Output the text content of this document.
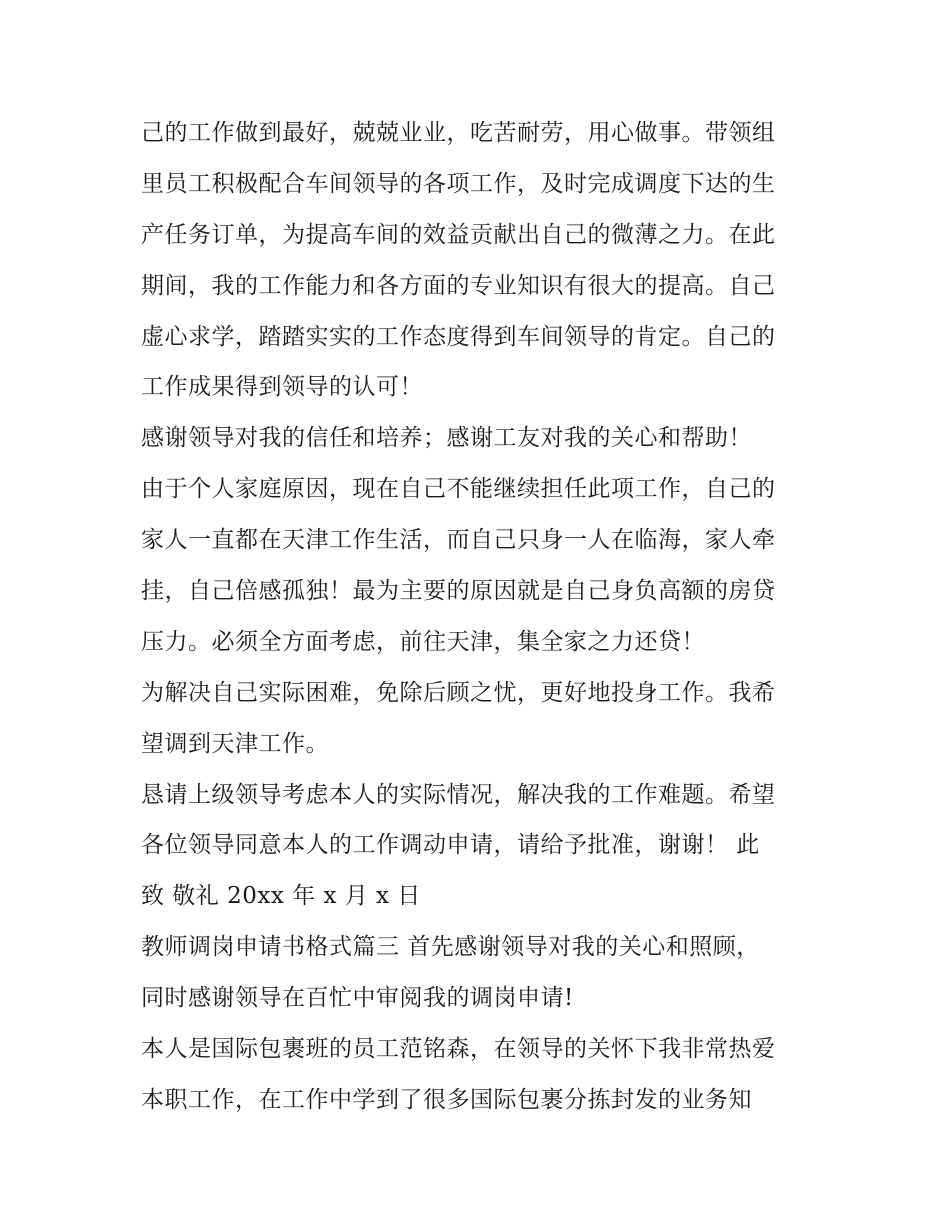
己的工作做到最好，兢兢业业，吃苦耐劳，用心做事。带领组
里员工积极配合车间领导的各项工作，及时完成调度下达的生
产任务订单，为提高车间的效益贡献出自己的微薄之力。在此
期间，我的工作能力和各方面的专业知识有很大的提高。自己
虚心求学，踏踏实实的工作态度得到车间领导的肯定。自己的
工作成果得到领导的认可！
感谢领导对我的信任和培养；感谢工友对我的关心和帮助！
由于个人家庭原因，现在自己不能继续担任此项工作，自己的
家人一直都在天津工作生活，而自己只身一人在临海，家人牵
挂，自己倍感孤独！最为主要的原因就是自己身负高额的房贷
压力。必须全方面考虑，前往天津，集全家之力还贷！
为解决自己实际困难，免除后顾之忧，更好地投身工作。我希
望调到天津工作。
恳请上级领导考虑本人的实际情况，解决我的工作难题。希望
各位领导同意本人的工作调动申请，请给予批准，谢谢！ 此
致 敬礼 20xx 年 x 月 x 日
教师调岗申请书格式篇三 首先感谢领导对我的关心和照顾，
同时感谢领导在百忙中审阅我的调岗申请!
本人是国际包裹班的员工范铭森，在领导的关怀下我非常热爱
本职工作，在工作中学到了很多国际包裹分拣封发的业务知
